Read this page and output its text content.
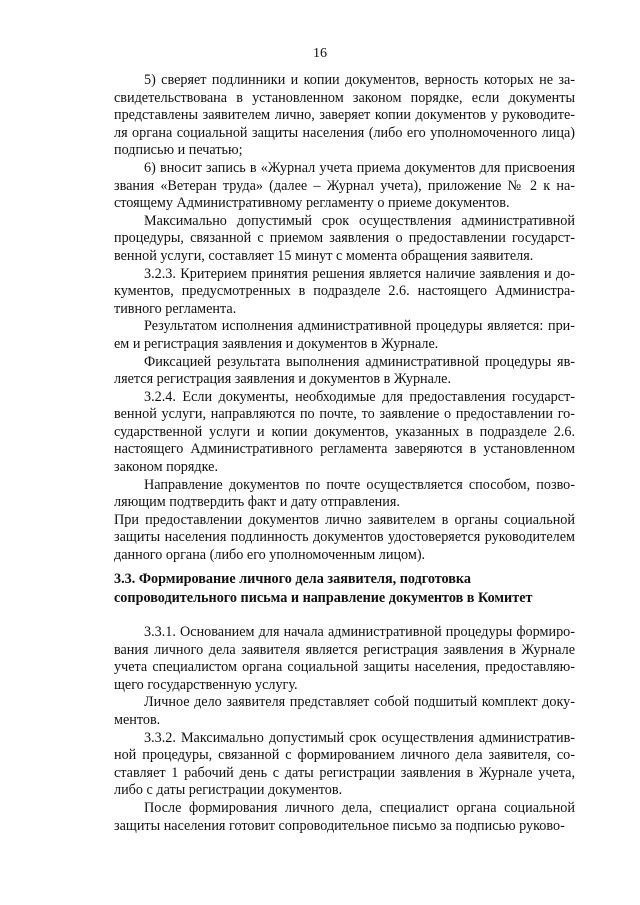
16
5) сверяет подлинники и копии документов, верность которых не за-
свидетельствована в установленном законом порядке, если документы
представлены заявителем лично, заверяет копии документов у руководите-
ля органа социальной защиты населения (либо его уполномоченного лица)
подписью и печатью;
6) вносит запись в «Журнал учета приема документов для присвоения
звания «Ветеран труда» (далее – Журнал учета), приложение № 2 к на-
стоящему Административному регламенту о приеме документов.
Максимально допустимый срок осуществления административной
процедуры, связанной с приемом заявления о предоставлении государст-
венной услуги, составляет 15 минут с момента обращения заявителя.
3.2.3. Критерием принятия решения является наличие заявления и до-
кументов, предусмотренных в подразделе 2.6. настоящего Администра-
тивного регламента.
Результатом исполнения административной процедуры является: при-
ем и регистрация заявления и документов в Журнале.
Фиксацией результата выполнения административной процедуры яв-
ляется регистрация заявления и документов в Журнале.
3.2.4. Если документы, необходимые для предоставления государст-
венной услуги, направляются по почте, то заявление о предоставлении го-
сударственной услуги и копии документов, указанных в подразделе 2.6.
настоящего Административного регламента заверяются в установленном
законом порядке.
Направление документов по почте осуществляется способом, позво-
ляющим подтвердить факт и дату отправления.
При предоставлении документов лично заявителем в органы социальной
защиты населения подлинность документов удостоверяется руководителем
данного органа (либо его уполномоченным лицом).

3.3. Формирование личного дела заявителя, подготовка

сопроводительного письма и направление документов в Комитет

3.3.1. Основанием для начала административной процедуры формиро-
вания личного дела заявителя является регистрация заявления в Журнале
учета специалистом органа социальной защиты населения, предоставляю-
щего государственную услугу.
Личное дело заявителя представляет собой подшитый комплект доку-
ментов.
3.3.2. Максимально допустимый срок осуществления административ-
ной процедуры, связанной с формированием личного дела заявителя, со-
ставляет 1 рабочий день с даты регистрации заявления в Журнале учета,
либо с даты регистрации документов.
После формирования личного дела, специалист органа социальной
защиты населения готовит сопроводительное письмо за подписью руково-
